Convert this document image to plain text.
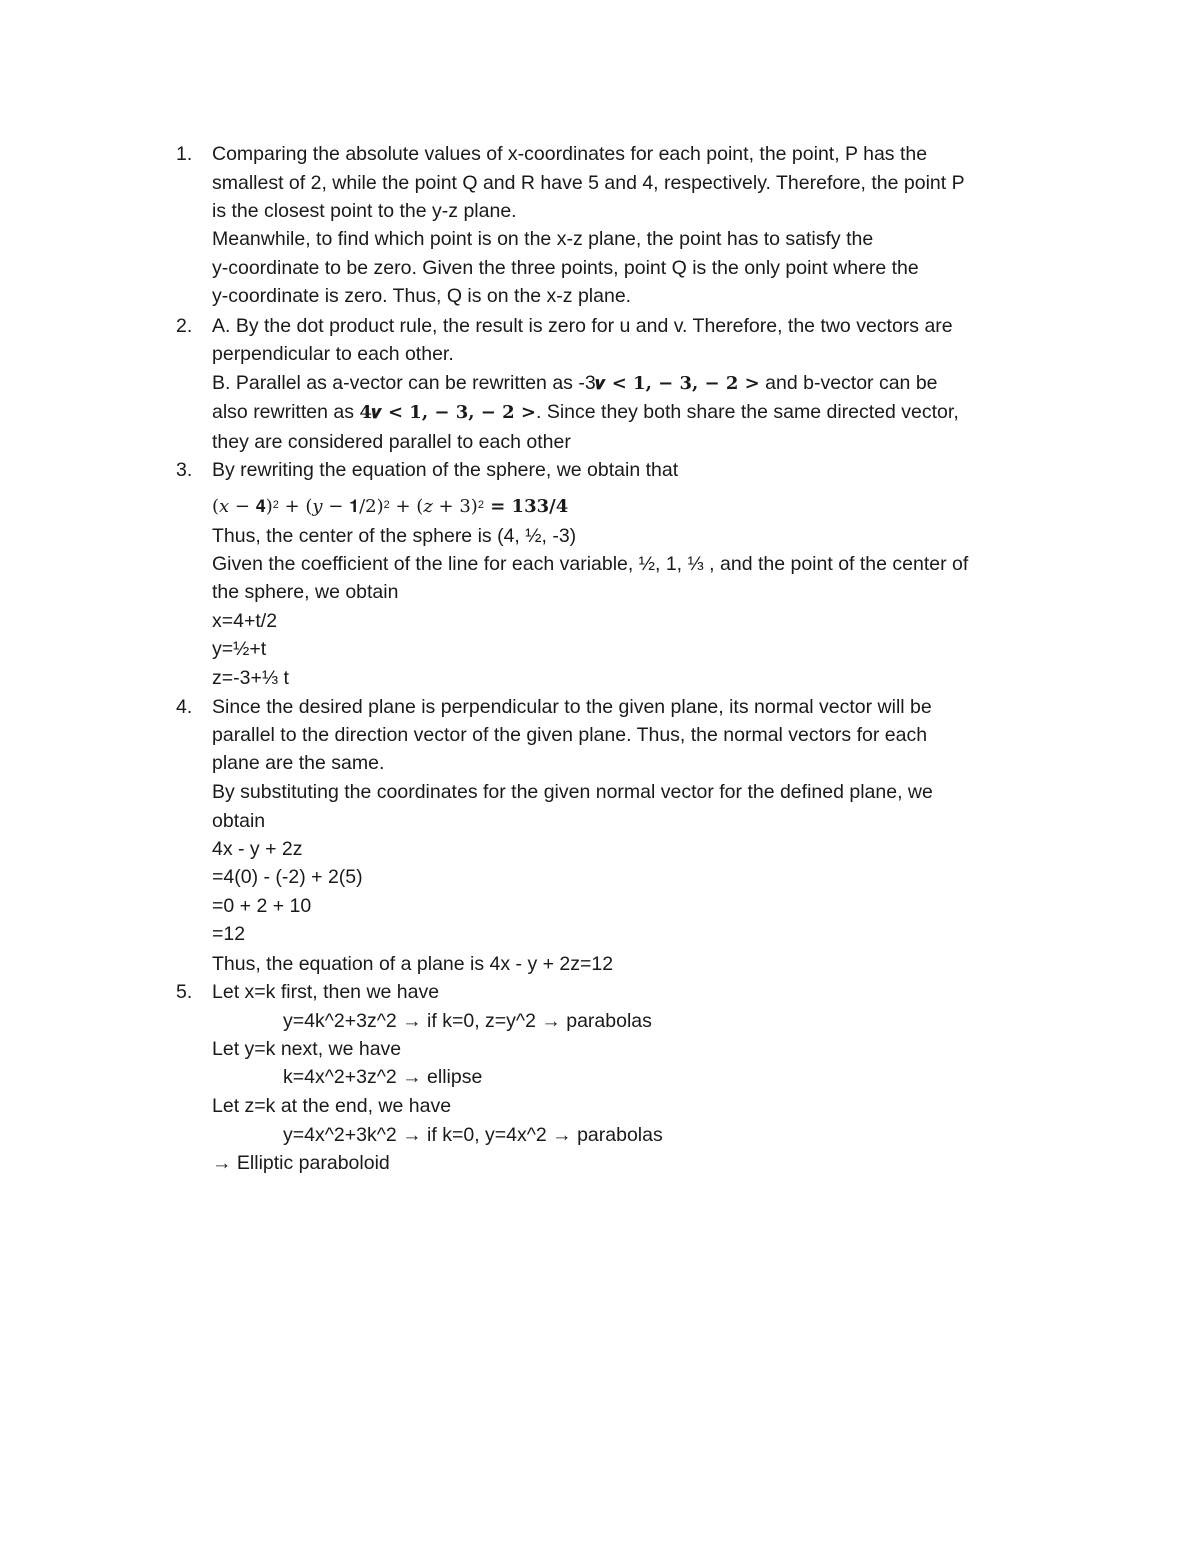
1. Comparing the absolute values of x-coordinates for each point, the point, P has the
smallest of 2, while the point Q and R have 5 and 4, respectively. Therefore, the point P
is the closest point to the y-z plane.
Meanwhile, to find which point is on the x-z plane, the point has to satisfy the
y-coordinate to be zero. Given the three points, point Q is the only point where the
y-coordinate is zero. Thus, Q is on the x-z plane.
2. A. By the dot product rule, the result is zero for u and v. Therefore, the two vectors are
perpendicular to each other.
B. Parallel as a-vector can be rewritten as -3𝒗 < 𝟏, − 𝟑, − 𝟐 > and b-vector can be
also rewritten as 𝟒𝒗 < 𝟏, − 𝟑, − 𝟐 >. Since they both share the same directed vector,
they are considered parallel to each other
3. By rewriting the equation of the sphere, we obtain that
(𝑥 − 𝟒)$^2$ + (𝑦 − 𝟏/2)$^2$ + (𝑧 + 3)$^2$ = 𝟏𝟑𝟑/𝟒
Thus, the center of the sphere is (4, ½, -3)
Given the coefficient of the line for each variable, ½, 1, ⅓ , and the point of the center of
the sphere, we obtain
x=4+t/2
y=½+t
z=-3+⅓ t
4. Since the desired plane is perpendicular to the given plane, its normal vector will be
parallel to the direction vector of the given plane. Thus, the normal vectors for each
plane are the same.
By substituting the coordinates for the given normal vector for the defined plane, we
obtain
4x - y + 2z
=4(0) - (-2) + 2(5)
=0 + 2 + 10
=12
Thus, the equation of a plane is 4x - y + 2z=12
5. Let x=k first, then we have
y=4k^2+3z^2 → if k=0, z=y^2 → parabolas
Let y=k next, we have
k=4x^2+3z^2 → ellipse
Let z=k at the end, we have
y=4x^2+3k^2 → if k=0, y=4x^2 → parabolas
→ Elliptic paraboloid
